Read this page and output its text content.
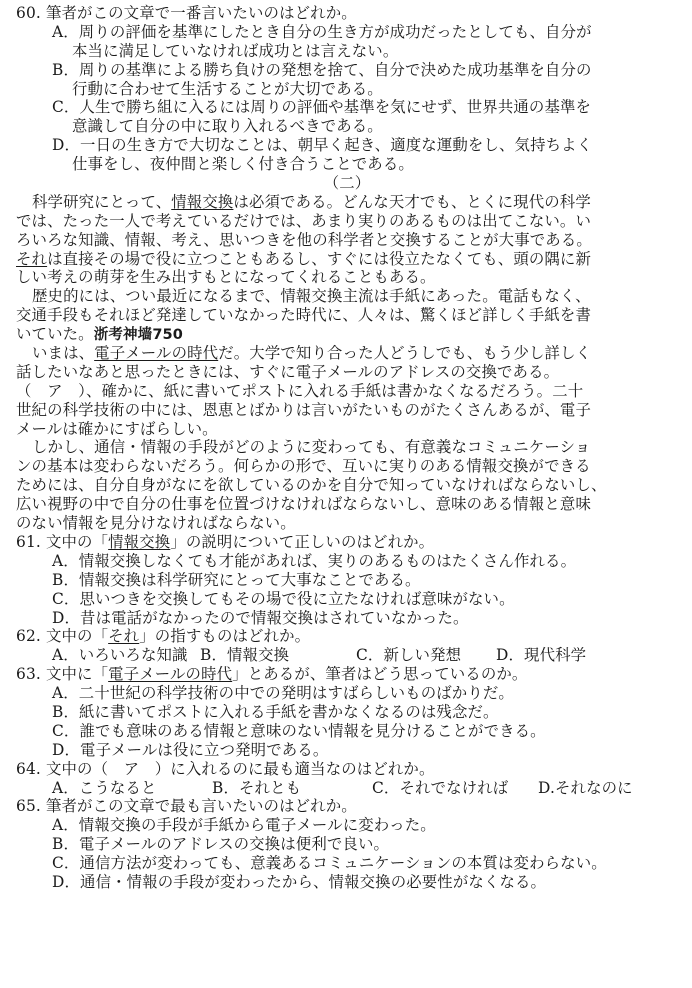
60. 筆者がこの文章で一番言いたいのはどれか。
A．周りの評価を基準にしたとき自分の生き方が成功だったとしても、自分が
本当に満足していなければ成功とは言えない。
B．周りの基準による勝ち負けの発想を捨て、自分で決めた成功基準を自分の
行動に合わせて生活することが大切である。
C．人生で勝ち組に入るには周りの評価や基準を気にせず、世界共通の基準を
意識して自分の中に取り入れるべきである。
D．一日の生き方で大切なことは、朝早く起き、適度な運動をし、気持ちよく
仕事をし、夜仲間と楽しく付き合うことである。
（二）
科学研究にとって、情報交換は必須である。どんな天才でも、とくに現代の科学
では、たった一人で考えているだけでは、あまり実りのあるものは出てこない。い
ろいろな知識、情報、考え、思いつきを他の科学者と交換することが大事である。
それは直接その場で役に立つこともあるし、すぐには役立たなくても、頭の隅に新
しい考えの萌芽を生み出すもとになってくれることもある。
歴史的には、つい最近になるまで、情報交換主流は手紙にあった。電話もなく、
交通手段もそれほど発達していなかった時代に、人々は、驚くほど詳しく手紙を書
いていた。浙考神墙750
いまは、電子メールの時代だ。大学で知り合った人どうしでも、もう少し詳しく
話したいなあと思ったときには、すぐに電子メールのアドレスの交換である。
（　ア　）、確かに、紙に書いてポストに入れる手紙は書かなくなるだろう。二十
世紀の科学技術の中には、恩恵とばかりは言いがたいものがたくさんあるが、電子
メールは確かにすばらしい。
しかし、通信・情報の手段がどのように変わっても、有意義なコミュニケーショ
ンの基本は変わらないだろう。何らかの形で、互いに実りのある情報交換ができる
ためには、自分自身がなにを欲しているのかを自分で知っていなければならないし、
広い視野の中で自分の仕事を位置づけなければならないし、意味のある情報と意味
のない情報を見分けなければならない。
61. 文中の「情報交換」の説明について正しいのはどれか。
A．情報交換しなくても才能があれば、実りのあるものはたくさん作れる。
B．情報交換は科学研究にとって大事なことである。
C．思いつきを交換してもその場で役に立たなければ意味がない。
D．昔は電話がなかったので情報交換はされていなかった。
62. 文中の「それ」の指すものはどれか。
A．いろいろな知識 B．情報交換	C．新しい発想 D．現代科学
63. 文中に「電子メールの時代」とあるが、筆者はどう思っているのか。
A．二十世紀の科学技術の中での発明はすばらしいものばかりだ。
B．紙に書いてポストに入れる手紙を書かなくなるのは残念だ。
C．誰でも意味のある情報と意味のない情報を見分けることができる。
D．電子メールは役に立つ発明である。
64. 文中の（　ア　）に入れるのに最も適当なのはどれか。
A．こうなると	B．それとも	C．それでなければ D.それなのに
65. 筆者がこの文章で最も言いたいのはどれか。
A．情報交換の手段が手紙から電子メールに変わった。
B．電子メールのアドレスの交換は便利で良い。
C．通信方法が変わっても、意義あるコミュニケーションの本質は変わらない。
D．通信・情報の手段が変わったから、情報交換の必要性がなくなる。
